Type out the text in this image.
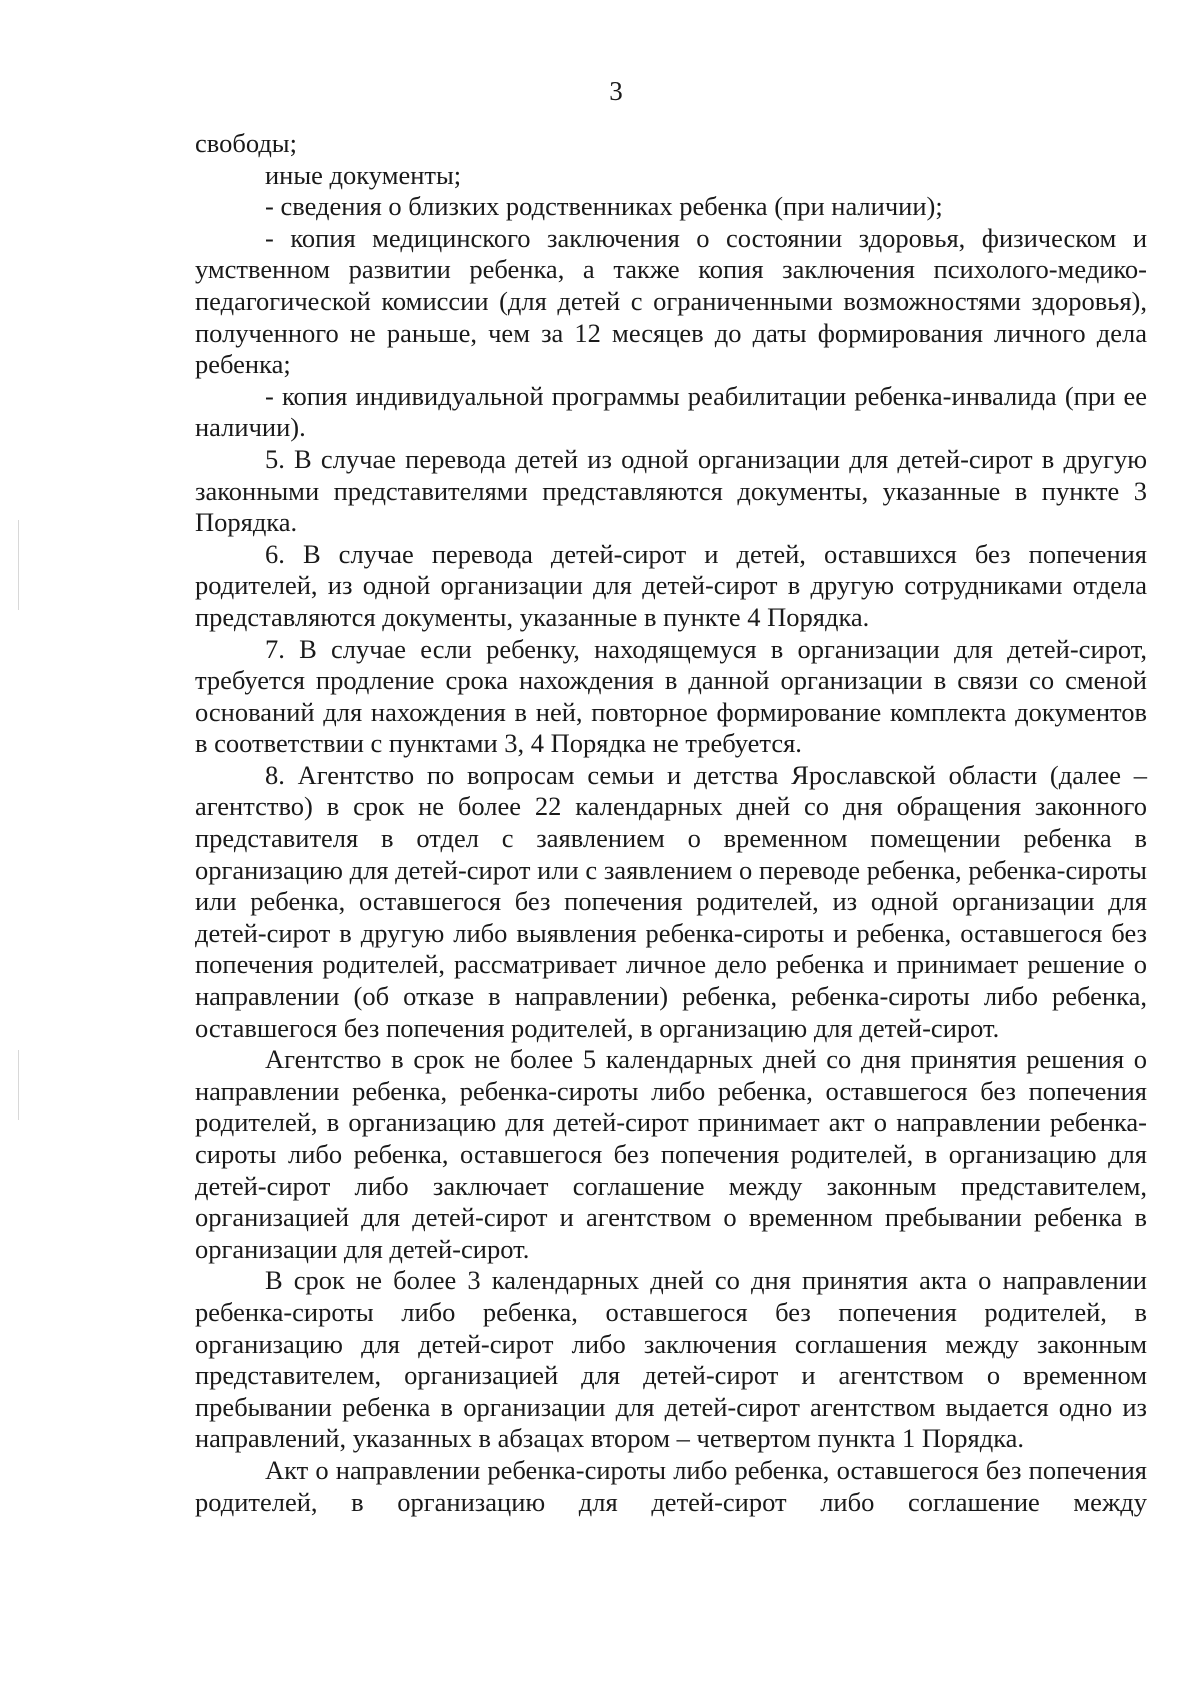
3

свободы;

иные документы;

- сведения о близких родственниках ребенка (при наличии);

- копия медицинского заключения о состоянии здоровья, физическом и умственном развитии ребенка, а также копия заключения психолого-медико-педагогической комиссии (для детей с ограниченными возможностями здоровья), полученного не раньше, чем за 12 месяцев до даты формирования личного дела ребенка;

- копия индивидуальной программы реабилитации ребенка-инвалида (при ее наличии).

5. В случае перевода детей из одной организации для детей-сирот в другую законными представителями представляются документы, указанные в пункте 3 Порядка.

6. В случае перевода детей-сирот и детей, оставшихся без попечения родителей, из одной организации для детей-сирот в другую сотрудниками отдела представляются документы, указанные в пункте 4 Порядка.

7. В случае если ребенку, находящемуся в организации для детей-сирот, требуется продление срока нахождения в данной организации в связи со сменой оснований для нахождения в ней, повторное формирование комплекта документов в соответствии с пунктами 3, 4 Порядка не требуется.

8. Агентство по вопросам семьи и детства Ярославской области (далее – агентство) в срок не более 22 календарных дней со дня обращения законного представителя в отдел с заявлением о временном помещении ребенка в организацию для детей-сирот или с заявлением о переводе ребенка, ребенка-сироты или ребенка, оставшегося без попечения родителей, из одной организации для детей-сирот в другую либо выявления ребенка-сироты и ребенка, оставшегося без попечения родителей, рассматривает личное дело ребенка и принимает решение о направлении (об отказе в направлении) ребенка, ребенка-сироты либо ребенка, оставшегося без попечения родителей, в организацию для детей-сирот.

Агентство в срок не более 5 календарных дней со дня принятия решения о направлении ребенка, ребенка-сироты либо ребенка, оставшегося без попечения родителей, в организацию для детей-сирот принимает акт о направлении ребенка-сироты либо ребенка, оставшегося без попечения родителей, в организацию для детей-сирот либо заключает соглашение между законным представителем, организацией для детей-сирот и агентством о временном пребывании ребенка в организации для детей-сирот.

В срок не более 3 календарных дней со дня принятия акта о направлении ребенка-сироты либо ребенка, оставшегося без попечения родителей, в организацию для детей-сирот либо заключения соглашения между законным представителем, организацией для детей-сирот и агентством о временном пребывании ребенка в организации для детей-сирот агентством выдается одно из направлений, указанных в абзацах втором – четвертом пункта 1 Порядка.

Акт о направлении ребенка-сироты либо ребенка, оставшегося без попечения родителей, в организацию для детей-сирот либо соглашение между
